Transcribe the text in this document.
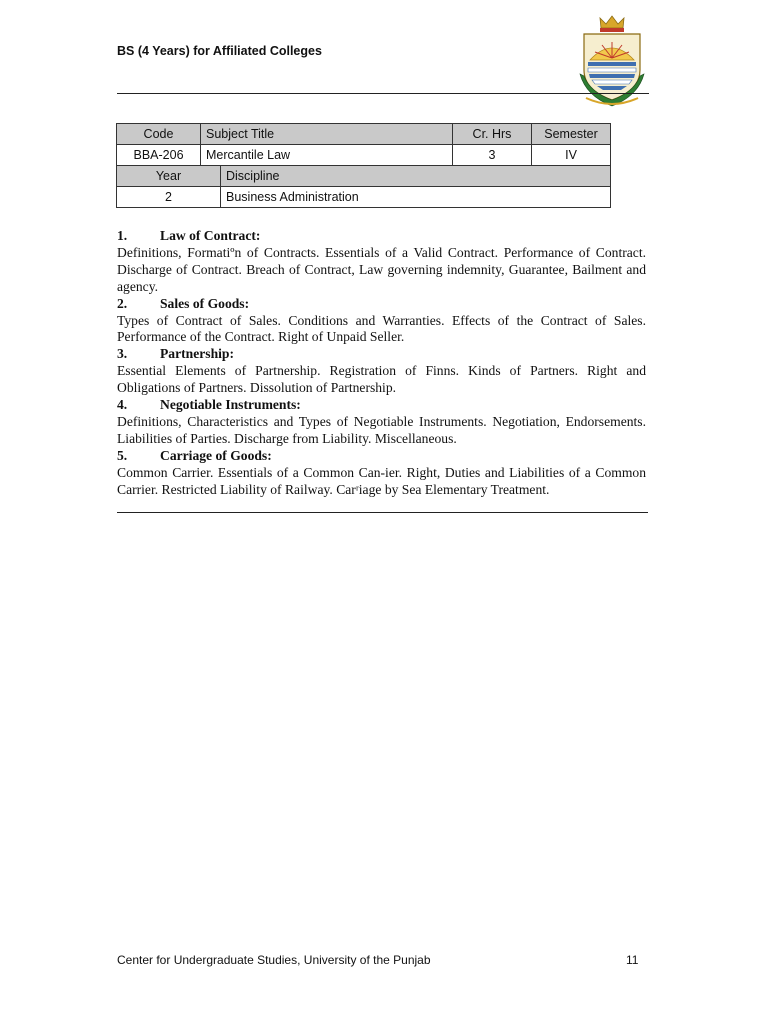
BS (4 Years) for Affiliated Colleges
Code	Subject Title		Cr. Hrs	Semester
BBA-206	Mercantile Law		3	IV
Year		Discipline		
2		Business Administration		
1. Law of Contract:

Definitions, Formatiºn of Contracts. Essentials of a Valid Contract. Performance of Contract. Discharge of Contract. Breach of Contract, Law governing indemnity, Guarantee, Bailment and agency.

2. Sales of Goods:

Types of Contract of Sales. Conditions and Warranties. Effects of the Contract of Sales. Performance of the Contract. Right of Unpaid Seller.

3. Partnership:

Essential Elements of Partnership. Registration of Finns. Kinds of Partners. Right and Obligations of Partners. Dissolution of Partnership.

4. Negotiable Instruments:

Definitions, Characteristics and Types of Negotiable Instruments. Negotiation, Endorsements. Liabilities of Parties. Discharge from Liability. Miscellaneous.

5. Carriage of Goods:

Common Carrier. Essentials of a Common Can-ier. Right, Duties and Liabilities of a Common Carrier. Restricted Liability of Railway. Carʳiage by Sea Elementary Treatment.

Center for Undergraduate Studies, University of the Punjab	11
